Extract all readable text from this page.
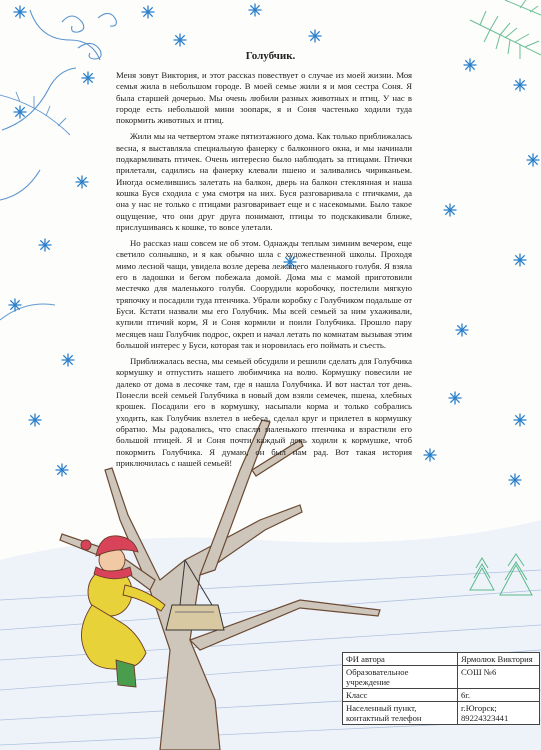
Голубчик.

Меня зовут Виктория, и этот рассказ повествует о случае из моей жизни. Моя семья жила в небольшом городе. В моей семье жили я и моя сестра Соня. Я была старшей дочерью. Мы очень любили разных животных и птиц. У нас в городе есть небольшой мини зоопарк, я и Соня частенько ходили туда покормить животных и птиц.

Жили мы на четвертом этаже пятиэтажного дома. Как только приближалась весна, я выставляла специальную фанерку с балконного окна, и мы начинали подкармливать птичек. Очень интересно было наблюдать за птицами. Птички прилетали, садились на фанерку клевали пшено и заливались чириканьем. Иногда осмелившись залетать на балкон, дверь на балкон стеклянная и наша кошка Буся сходила с ума смотря на них. Буся разговаривала с птичками, да она у нас не только с птицами разговаривает еще и с насекомыми. Было такое ощущение, что они друг друга понимают, птицы то подскакивали ближе, прислушиваясь к кошке, то вовсе улетали.

Но рассказ наш совсем не об этом. Однажды теплым зимним вечером, еще светило солнышко, и я как обычно шла с художественной школы. Проходя мимо лесной чащи, увидела возле дерева лежащего маленького голубя. Я взяла его в ладошки и бегом побежала домой. Дома мы с мамой приготовили местечко для маленького голубя. Соорудили коробочку, постелили мягкую тряпочку и посадили туда птенчика. Убрали коробку с Голубчиком подальше от Буси. Кстати назвали мы его Голубчик. Мы всей семьей за ним ухаживали, купили птичий корм, Я и Соня кормили и поили Голубчика. Прошло пару месяцев наш Голубчик подрос, окреп и начал летать по комнатам вызывая этим большой интерес у Буси, которая так и норовилась его поймать и съесть.

Приближалась весна, мы семьей обсудили и решили сделать для Голубчика кормушку и отпустить нашего любимчика на волю. Кормушку повесили не далеко от дома в лесочке там, где я нашла Голубчика. И вот настал тот день. Понесли всей семьей Голубчика в новый дом взяли семечек, пшена, хлебных крошек. Посадили его в кормушку, насыпали корма и только собрались уходить, как Голубчик взлетел в небеса, сделал круг и прилетел в кормушку обратно. Мы радовались, что спасли маленького птенчика и взрастили его большой птицей. Я и Соня почти каждый день ходили к кормушке, чтоб покормить Голубчика. Я думаю, он был нам рад. Вот такая история приключилась с нашей семьей!

ФИ автора	Ярмолюк Виктория
Образовательное учреждение	СОШ №6
Класс	6г.
Населенный пункт, контактный телефон	г.Югорск; 89224323441
